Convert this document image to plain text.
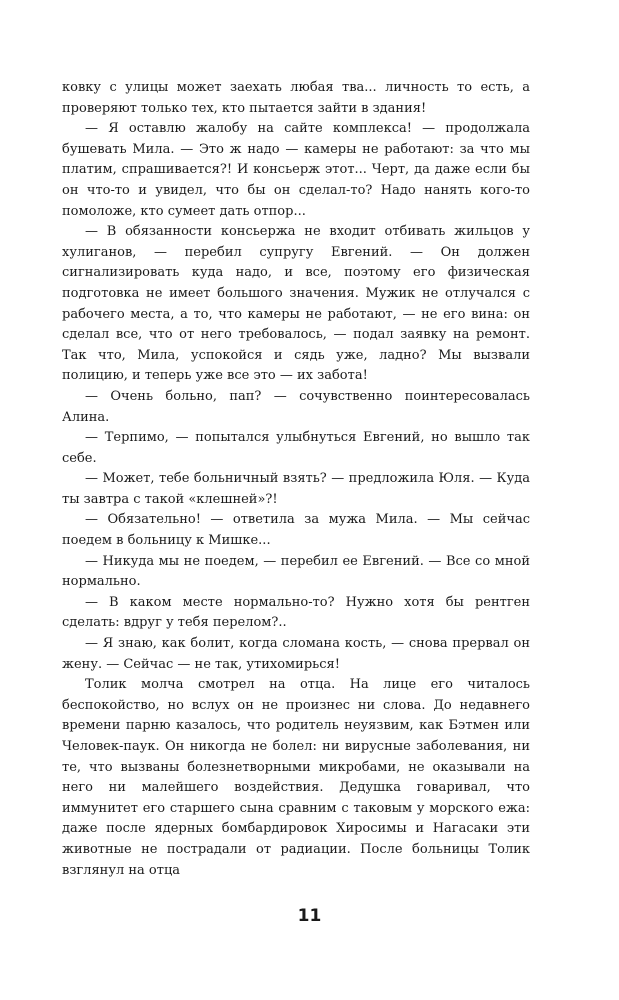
ковку с улицы может заехать любая тва... личность то есть, а проверяют только тех, кто пытается зайти в здания!

— Я оставлю жалобу на сайте комплекса! — продолжала бушевать Мила. — Это ж надо — камеры не работают: за что мы платим, спрашивается?! И консьерж этот... Черт, да даже если бы он что-то и увидел, что бы он сделал-то? Надо нанять кого-то помоложе, кто сумеет дать отпор...

— В обязанности консьержа не входит отбивать жильцов у хулиганов, — перебил супругу Евгений. — Он должен сигнализировать куда надо, и все, поэтому его физическая подготовка не имеет большого значения. Мужик не отлучался с рабочего места, а то, что камеры не работают, — не его вина: он сделал все, что от него требовалось, — подал заявку на ремонт. Так что, Мила, успокойся и сядь уже, ладно? Мы вызвали полицию, и теперь уже все это — их забота!

— Очень больно, пап? — сочувственно поинтересовалась Алина.

— Терпимо, — попытался улыбнуться Евгений, но вышло так себе.

— Может, тебе больничный взять? — предложила Юля. — Куда ты завтра с такой «клешней»?!

— Обязательно! — ответила за мужа Мила. — Мы сейчас поедем в больницу к Мишке...

— Никуда мы не поедем, — перебил ее Евгений. — Все со мной нормально.

— В каком месте нормально-то? Нужно хотя бы рентген сделать: вдруг у тебя перелом?..

— Я знаю, как болит, когда сломана кость, — снова прервал он жену. — Сейчас — не так, утихомирься!

Толик молча смотрел на отца. На лице его читалось беспокойство, но вслух он не произнес ни слова. До недавнего времени парню казалось, что родитель неуязвим, как Бэтмен или Человек-паук. Он никогда не болел: ни вирусные заболевания, ни те, что вызваны болезнетворными микробами, не оказывали на него ни малейшего воздействия. Дедушка говаривал, что иммунитет его старшего сына сравним с таковым у морского ежа: даже после ядерных бомбардировок Хиросимы и Нагасаки эти животные не пострадали от радиации. После больницы Толик взглянул на отца

11
